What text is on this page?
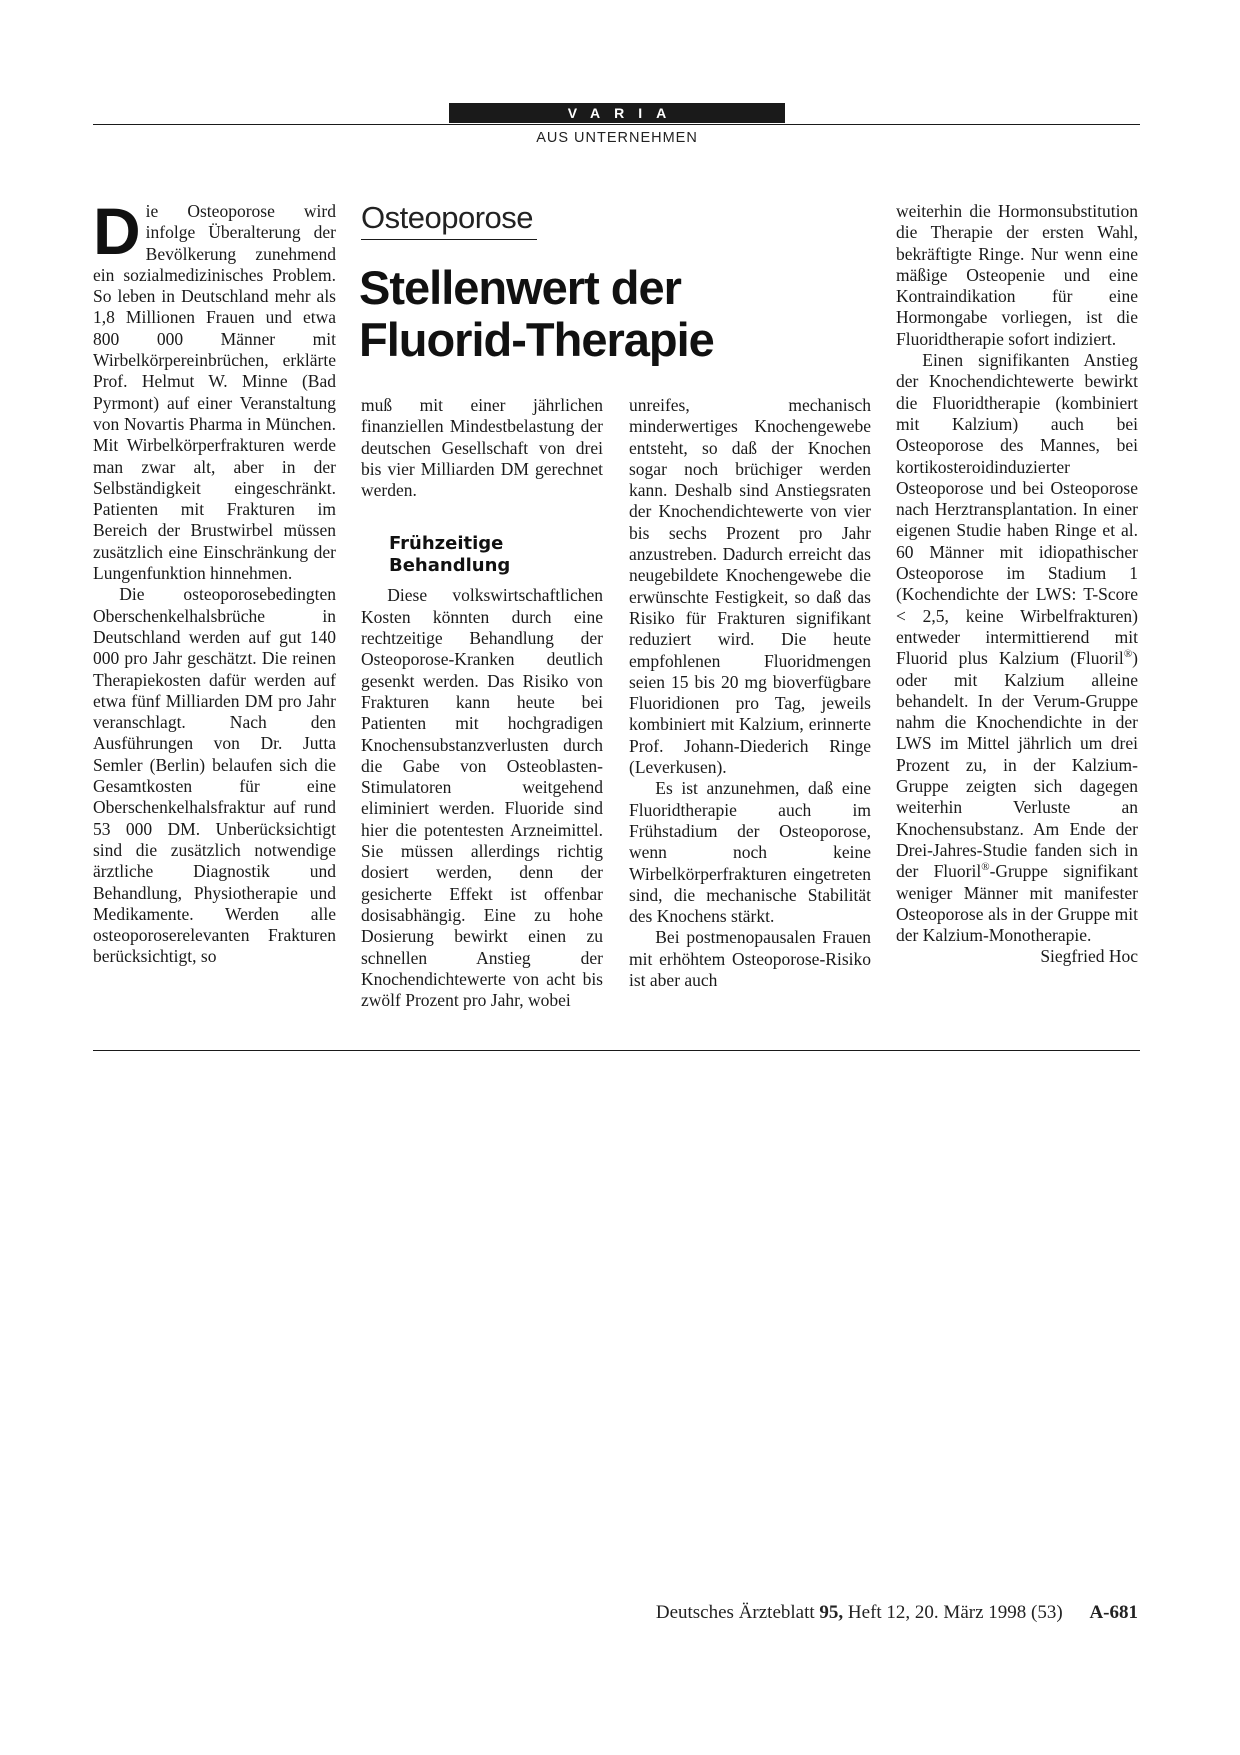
VARIA
AUS UNTERNEHMEN
Osteoporose
Stellenwert der
Fluorid-Therapie

Die Osteoporose wird infolge Überalterung der Bevölkerung zunehmend ein sozialmedizinisches Problem. So leben in Deutschland mehr als 1,8 Millionen Frauen und etwa 800 000 Männer mit Wirbelkörpereinbrüchen, erklärte Prof. Helmut W. Minne (Bad Pyrmont) auf einer Veranstaltung von Novartis Pharma in München. Mit Wirbelkörperfrakturen werde man zwar alt, aber in der Selbständigkeit eingeschränkt. Patienten mit Frakturen im Bereich der Brustwirbel müssen zusätzlich eine Einschränkung der Lungenfunktion hinnehmen.

Die osteoporosebedingten Oberschenkelhalsbrüche in Deutschland werden auf gut 140 000 pro Jahr geschätzt. Die reinen Therapiekosten dafür werden auf etwa fünf Milliarden DM pro Jahr veranschlagt. Nach den Ausführungen von Dr. Jutta Semler (Berlin) belaufen sich die Gesamtkosten für eine Oberschenkelhalsfraktur auf rund 53 000 DM. Unberücksichtigt sind die zusätzlich notwendige ärztliche Diagnostik und Behandlung, Physiotherapie und Medikamente. Werden alle osteoporoserelevanten Frakturen berücksichtigt, so

muß mit einer jährlichen finanziellen Mindestbelastung der deutschen Gesellschaft von drei bis vier Milliarden DM gerechnet werden.

Frühzeitige Behandlung

Diese volkswirtschaftlichen Kosten könnten durch eine rechtzeitige Behandlung der Osteoporose-Kranken deutlich gesenkt werden. Das Risiko von Frakturen kann heute bei Patienten mit hochgradigen Knochensubstanzverlusten durch die Gabe von Osteoblasten-Stimulatoren weitgehend eliminiert werden. Fluoride sind hier die potentesten Arzneimittel. Sie müssen allerdings richtig dosiert werden, denn der gesicherte Effekt ist offenbar dosisabhängig. Eine zu hohe Dosierung bewirkt einen zu schnellen Anstieg der Knochendichtewerte von acht bis zwölf Prozent pro Jahr, wobei

unreifes, mechanisch minderwertiges Knochengewebe entsteht, so daß der Knochen sogar noch brüchiger werden kann. Deshalb sind Anstiegsraten der Knochendichtewerte von vier bis sechs Prozent pro Jahr anzustreben. Dadurch erreicht das neugebildete Knochengewebe die erwünschte Festigkeit, so daß das Risiko für Frakturen signifikant reduziert wird. Die heute empfohlenen Fluoridmengen seien 15 bis 20 mg bioverfügbare Fluoridionen pro Tag, jeweils kombiniert mit Kalzium, erinnerte Prof. Johann-Diederich Ringe (Leverkusen).

Es ist anzunehmen, daß eine Fluoridtherapie auch im Frühstadium der Osteoporose, wenn noch keine Wirbelkörperfrakturen eingetreten sind, die mechanische Stabilität des Knochens stärkt.

Bei postmenopausalen Frauen mit erhöhtem Osteoporose-Risiko ist aber auch

weiterhin die Hormonsubstitution die Therapie der ersten Wahl, bekräftigte Ringe. Nur wenn eine mäßige Osteopenie und eine Kontraindikation für eine Hormongabe vorliegen, ist die Fluoridtherapie sofort indiziert.

Einen signifikanten Anstieg der Knochendichtewerte bewirkt die Fluoridtherapie (kombiniert mit Kalzium) auch bei Osteoporose des Mannes, bei kortikosteroidinduzierter Osteoporose und bei Osteoporose nach Herztransplantation. In einer eigenen Studie haben Ringe et al. 60 Männer mit idiopathischer Osteoporose im Stadium 1 (Kochendichte der LWS: T-Score < 2,5, keine Wirbelfrakturen) entweder intermittierend mit Fluorid plus Kalzium (Fluoril®) oder mit Kalzium alleine behandelt. In der Verum-Gruppe nahm die Knochendichte in der LWS im Mittel jährlich um drei Prozent zu, in der Kalzium-Gruppe zeigten sich dagegen weiterhin Verluste an Knochensubstanz. Am Ende der Drei-Jahres-Studie fanden sich in der Fluoril®-Gruppe signifikant weniger Männer mit manifester Osteoporose als in der Gruppe mit der Kalzium-Monotherapie.
Siegfried Hoc

Deutsches Ärzteblatt 95, Heft 12, 20. März 1998 (53) A-681
